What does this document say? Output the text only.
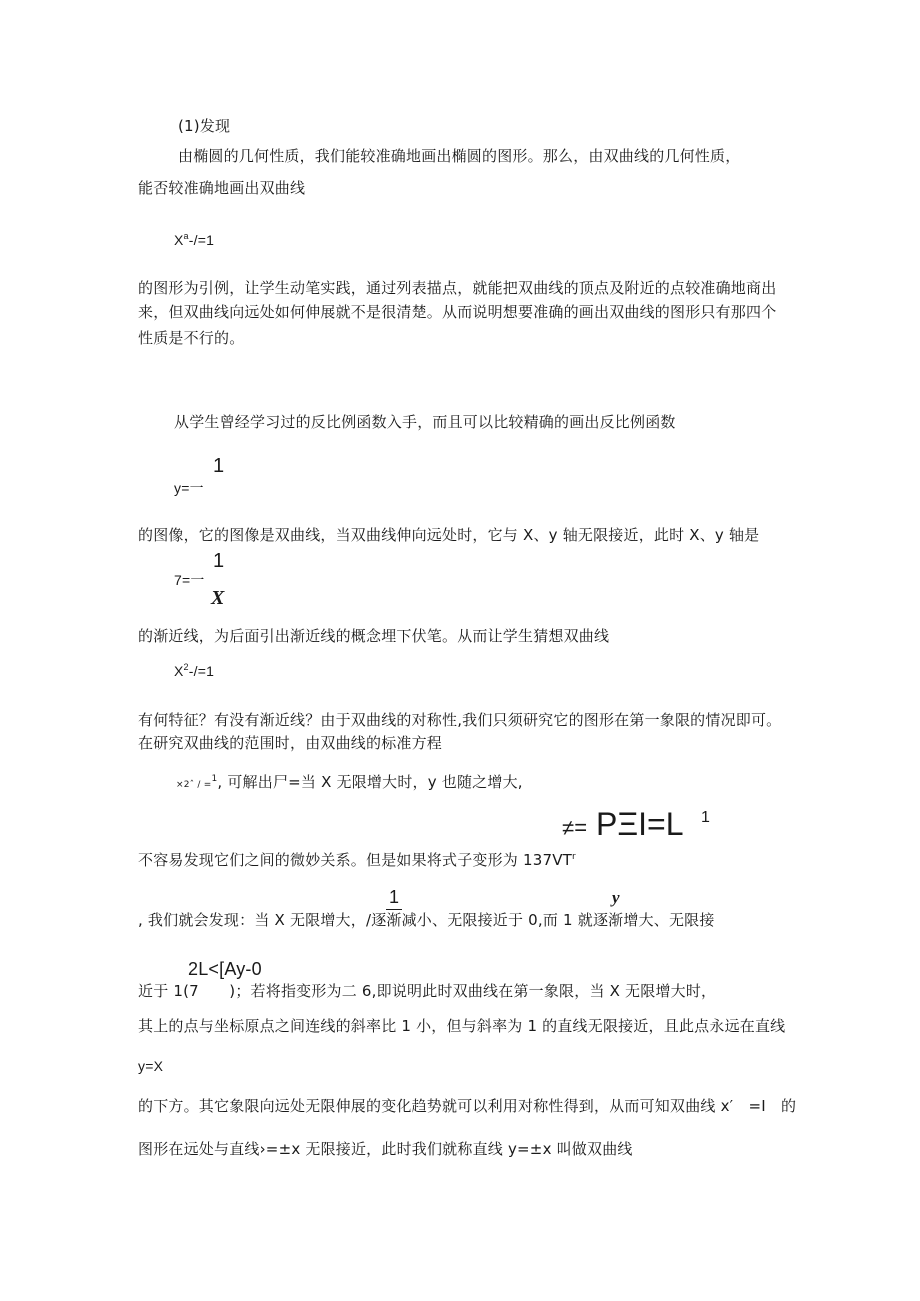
(1)发现
由椭圆的几何性质，我们能较准确地画出椭圆的图形。那么，由双曲线的几何性质，
能否较准确地画出双曲线
$X^a-/=1$
的图形为引例，让学生动笔实践，通过列表描点，就能把双曲线的顶点及附近的点较准确地商出
来，但双曲线向远处如何伸展就不是很清楚。从而说明想要准确的画出双曲线的图形只有那四个
性质是不行的。
从学生曾经学习过的反比例函数入手，而且可以比较精确的画出反比例函数
1
y=一
的图像，它的图像是双曲线，当双曲线伸向远处时，它与 X、y 轴无限接近，此时 X、y 轴是
1
7=一
X
的渐近线，为后面引出渐近线的概念埋下伏笔。从而让学生猜想双曲线
$X^2-/=1$
有何特征？有没有渐近线？由于双曲线的对称性,我们只须研究它的图形在第一象限的情况即可。
在研究双曲线的范围时，由双曲线的标准方程
×2ˆ / =$^1$, 可解出尸=当 X 无限增大时，y 也随之增大,
≠= PΞI=L 1
不容易发现它们之间的微妙关系。但是如果将式子变形为 $137VT^r$
1	y
, 我们就会发现：当 X 无限增大，/逐渐减小、无限接近于 0,而 1 就逐渐增大、无限接
2L<[Ay-0
近于 1(7　　)；若将指变形为二 6,即说明此时双曲线在第一象限，当 X 无限增大时，
其上的点与坐标原点之间连线的斜率比 1 小，但与斜率为 1 的直线无限接近，且此点永远在直线
y=X
的下方。其它象限向远处无限伸展的变化趋势就可以利用对称性得到，从而可知双曲线 x′　=I　的
图形在远处与直线›=±x 无限接近，此时我们就称直线 y=±x 叫做双曲线
